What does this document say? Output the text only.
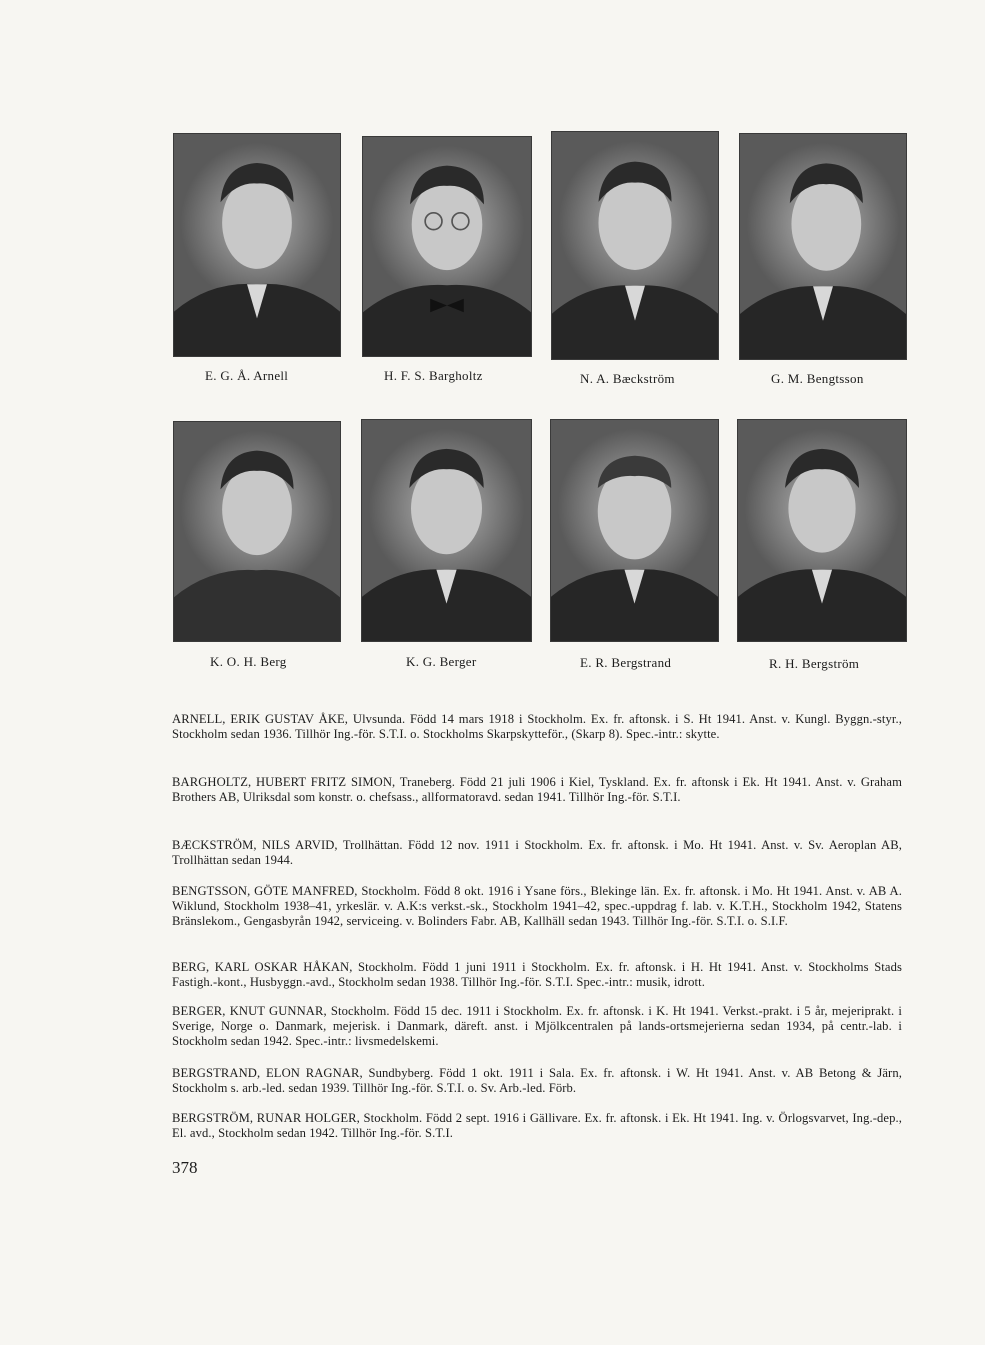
E. G. Å. Arnell	H. F. S. Bargholtz	N. A. Bæckström	G. M. Bengtsson
K. O. H. Berg	K. G. Berger	E. R. Bergstrand	R. H. Bergström

ARNELL, ERIK GUSTAV ÅKE, Ulvsunda. Född 14 mars 1918 i Stockholm. Ex. fr. aftonsk. i S. Ht 1941. Anst. v. Kungl. Byggn.-styr., Stockholm sedan 1936. Tillhör Ing.-för. S.T.I. o. Stockholms Skarpskytteför., (Skarp 8). Spec.-intr.: skytte.

BARGHOLTZ, HUBERT FRITZ SIMON, Traneberg. Född 21 juli 1906 i Kiel, Tyskland. Ex. fr. aftonsk i Ek. Ht 1941. Anst. v. Graham Brothers AB, Ulriksdal som konstr. o. chefsass., allformatoravd. sedan 1941. Tillhör Ing.-för. S.T.I.

BÆCKSTRÖM, NILS ARVID, Trollhättan. Född 12 nov. 1911 i Stockholm. Ex. fr. aftonsk. i Mo. Ht 1941. Anst. v. Sv. Aeroplan AB, Trollhättan sedan 1944.

BENGTSSON, GÖTE MANFRED, Stockholm. Född 8 okt. 1916 i Ysane förs., Blekinge län. Ex. fr. aftonsk. i Mo. Ht 1941. Anst. v. AB A. Wiklund, Stockholm 1938–41, yrkeslär. v. A.K:s verkst.-sk., Stockholm 1941–42, spec.-uppdrag f. lab. v. K.T.H., Stockholm 1942, Statens Bränslekom., Gengasbyrån 1942, serviceing. v. Bolinders Fabr. AB, Kallhäll sedan 1943. Tillhör Ing.-för. S.T.I. o. S.I.F.

BERG, KARL OSKAR HÅKAN, Stockholm. Född 1 juni 1911 i Stockholm. Ex. fr. aftonsk. i H. Ht 1941. Anst. v. Stockholms Stads Fastigh.-kont., Husbyggn.-avd., Stockholm sedan 1938. Tillhör Ing.-för. S.T.I. Spec.-intr.: musik, idrott.

BERGER, KNUT GUNNAR, Stockholm. Född 15 dec. 1911 i Stockholm. Ex. fr. aftonsk. i K. Ht 1941. Verkst.-prakt. i 5 år, mejeriprakt. i Sverige, Norge o. Danmark, mejerisk. i Danmark, däreft. anst. i Mjölkcentralen på lands-ortsmejerierna sedan 1934, på centr.-lab. i Stockholm sedan 1942. Spec.-intr.: livsmedelskemi.

BERGSTRAND, ELON RAGNAR, Sundbyberg. Född 1 okt. 1911 i Sala. Ex. fr. aftonsk. i W. Ht 1941. Anst. v. AB Betong & Järn, Stockholm s. arb.-led. sedan 1939. Tillhör Ing.-för. S.T.I. o. Sv. Arb.-led. Förb.

BERGSTRÖM, RUNAR HOLGER, Stockholm. Född 2 sept. 1916 i Gällivare. Ex. fr. aftonsk. i Ek. Ht 1941. Ing. v. Örlogsvarvet, Ing.-dep., El. avd., Stockholm sedan 1942. Tillhör Ing.-för. S.T.I.

378
